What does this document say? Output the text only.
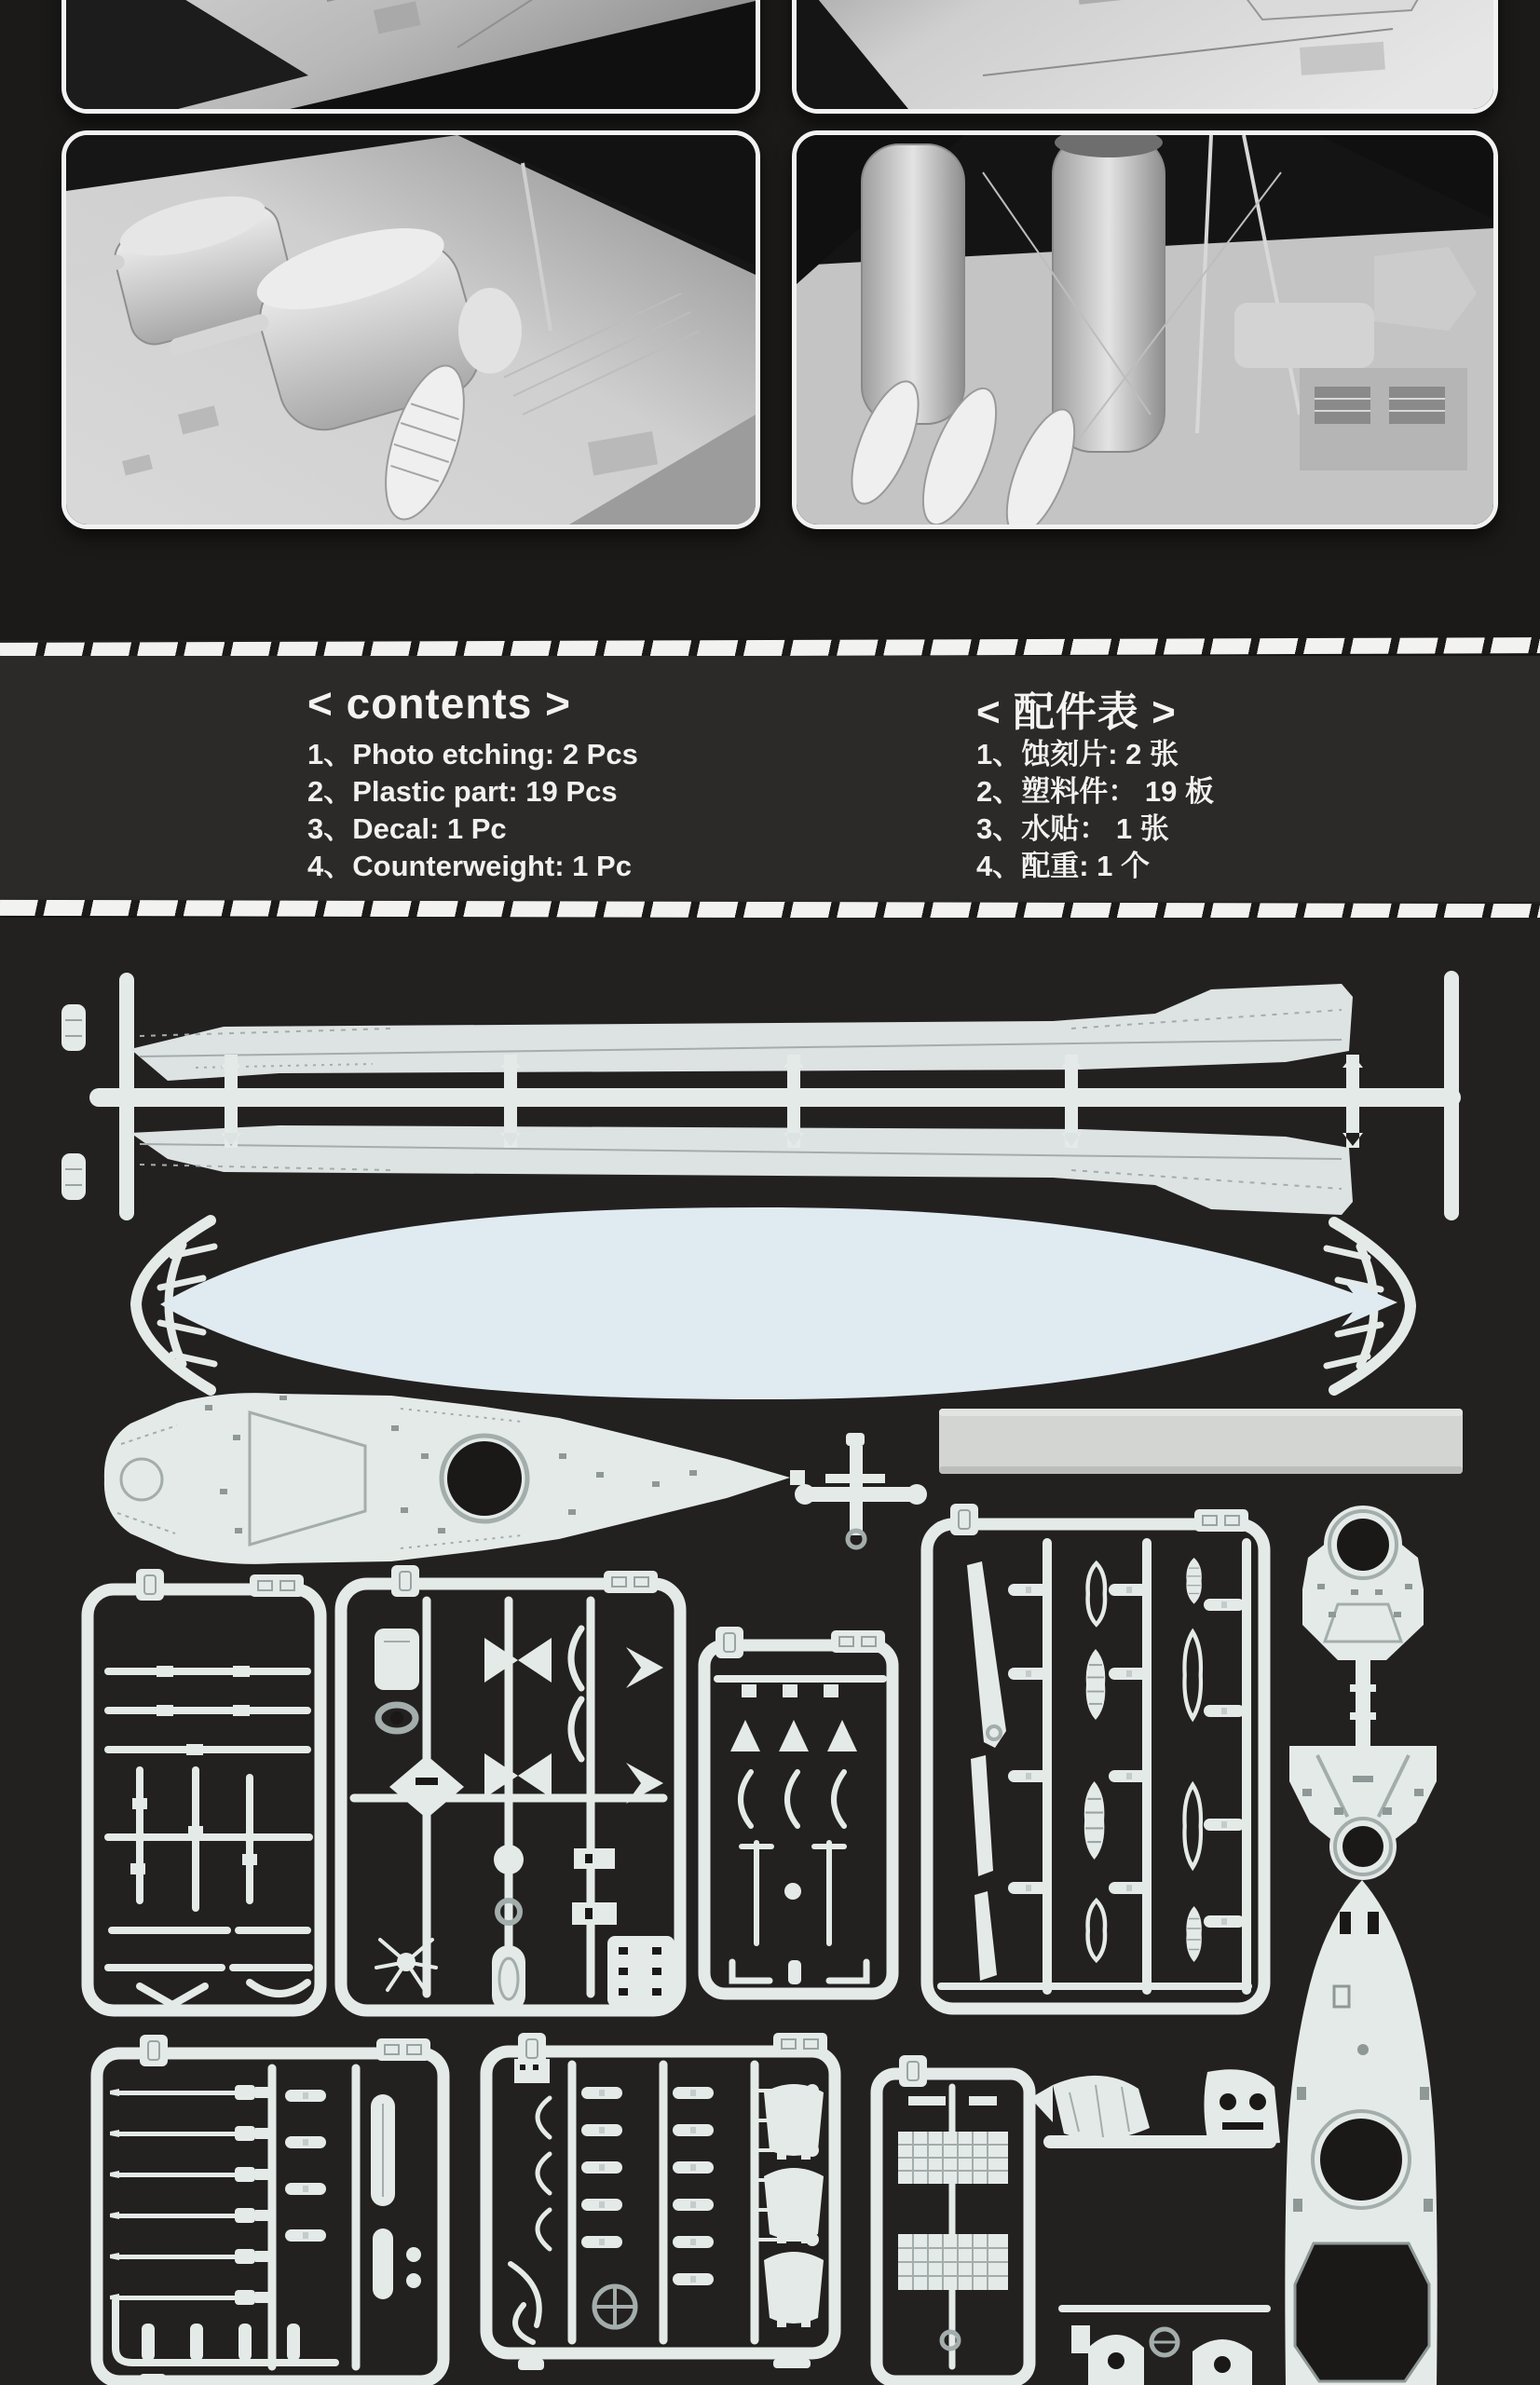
< contents >
1、Photo etching: 2 Pcs
2、Plastic part: 19 Pcs
3、Decal: 1 Pc
4、Counterweight: 1 Pc
< 配件表 >
1、蚀刻片: 2 张
2、塑料件： 19 板
3、水贴： 1 张
4、配重: 1 个
